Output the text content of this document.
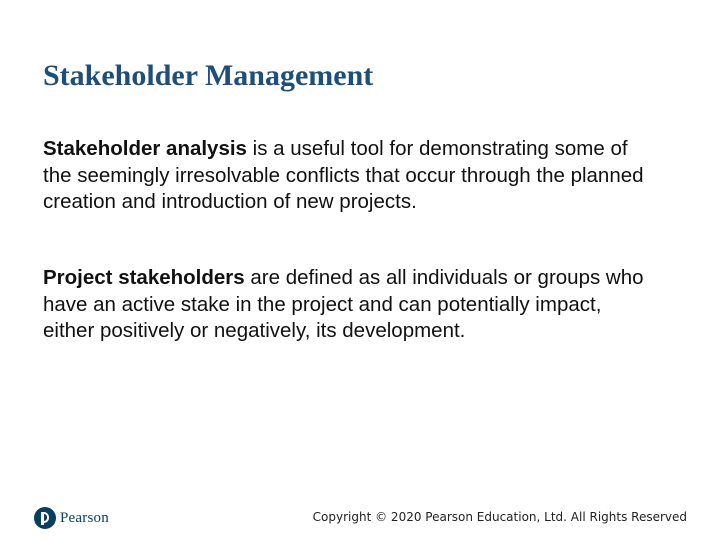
Stakeholder Management

Stakeholder analysis is a useful tool for demonstrating some of the seemingly irresolvable conflicts that occur through the planned creation and introduction of new projects.

Project stakeholders are defined as all individuals or groups who have an active stake in the project and can potentially impact, either positively or negatively, its development.

Pearson	Copyright © 2020 Pearson Education, Ltd. All Rights Reserved
